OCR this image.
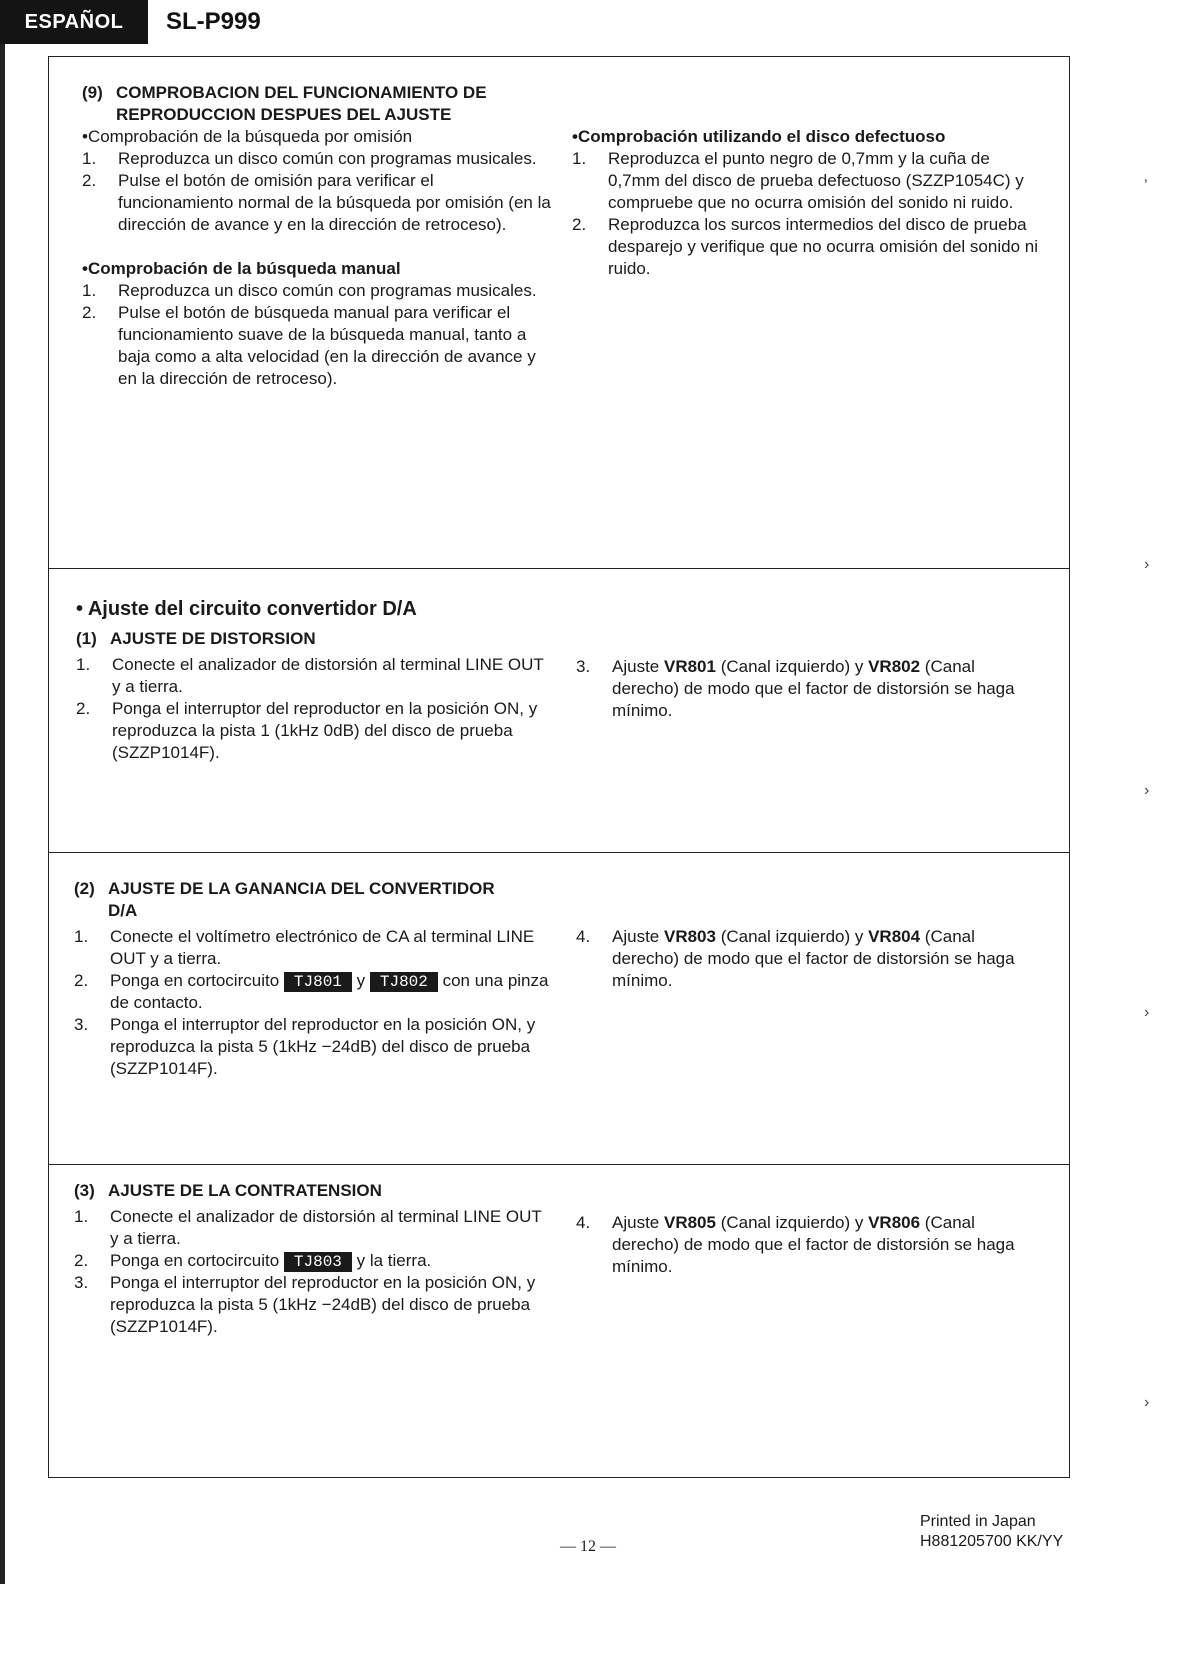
ESPAÑOL	SL-P999
(9) COMPROBACION DEL FUNCIONAMIENTO DE
REPRODUCCION DESPUES DEL AJUSTE
•Comprobación de la búsqueda por omisión
1.	Reproduzca un disco común con programas musicales.
2.	Pulse el botón de omisión para verificar el funcionamiento normal de la búsqueda por omisión (en la dirección de avance y en la dirección de retroceso).
•Comprobación de la búsqueda manual
1.	Reproduzca un disco común con programas musicales.
2.	Pulse el botón de búsqueda manual para verificar el funcionamiento suave de la búsqueda manual, tanto a baja como a alta velocidad (en la dirección de avance y en la dirección de retroceso).
•Comprobación utilizando el disco defectuoso
1.	Reproduzca el punto negro de 0,7mm y la cuña de 0,7mm del disco de prueba defectuoso (SZZP1054C) y compruebe que no ocurra omisión del sonido ni ruido.
2.	Reproduzca los surcos intermedios del disco de prueba desparejo y verifique que no ocurra omisión del sonido ni ruido.
• Ajuste del circuito convertidor D/A
(1) AJUSTE DE DISTORSION
1.	Conecte el analizador de distorsión al terminal LINE OUT y a tierra.
2.	Ponga el interruptor del reproductor en la posición ON, y reproduzca la pista 1 (1kHz 0dB) del disco de prueba (SZZP1014F).
3.	Ajuste VR801 (Canal izquierdo) y VR802 (Canal derecho) de modo que el factor de distorsión se haga mínimo.
(2) AJUSTE DE LA GANANCIA DEL CONVERTIDOR
D/A
1.	Conecte el voltímetro electrónico de CA al terminal LINE OUT y a tierra.
2.	Ponga en cortocircuito TJ801 y TJ802 con una pinza de contacto.
3.	Ponga el interruptor del reproductor en la posición ON, y reproduzca la pista 5 (1kHz −24dB) del disco de prueba (SZZP1014F).
4.	Ajuste VR803 (Canal izquierdo) y VR804 (Canal derecho) de modo que el factor de distorsión se haga mínimo.
(3) AJUSTE DE LA CONTRATENSION
1.	Conecte el analizador de distorsión al terminal LINE OUT y a tierra.
2.	Ponga en cortocircuito TJ803 y la tierra.
3.	Ponga el interruptor del reproductor en la posición ON, y reproduzca la pista 5 (1kHz −24dB) del disco de prueba (SZZP1014F).
4.	Ajuste VR805 (Canal izquierdo) y VR806 (Canal derecho) de modo que el factor de distorsión se haga mínimo.
‚
›
›
›
›
Printed in Japan
H881205700 KK/YY
— 12 —
